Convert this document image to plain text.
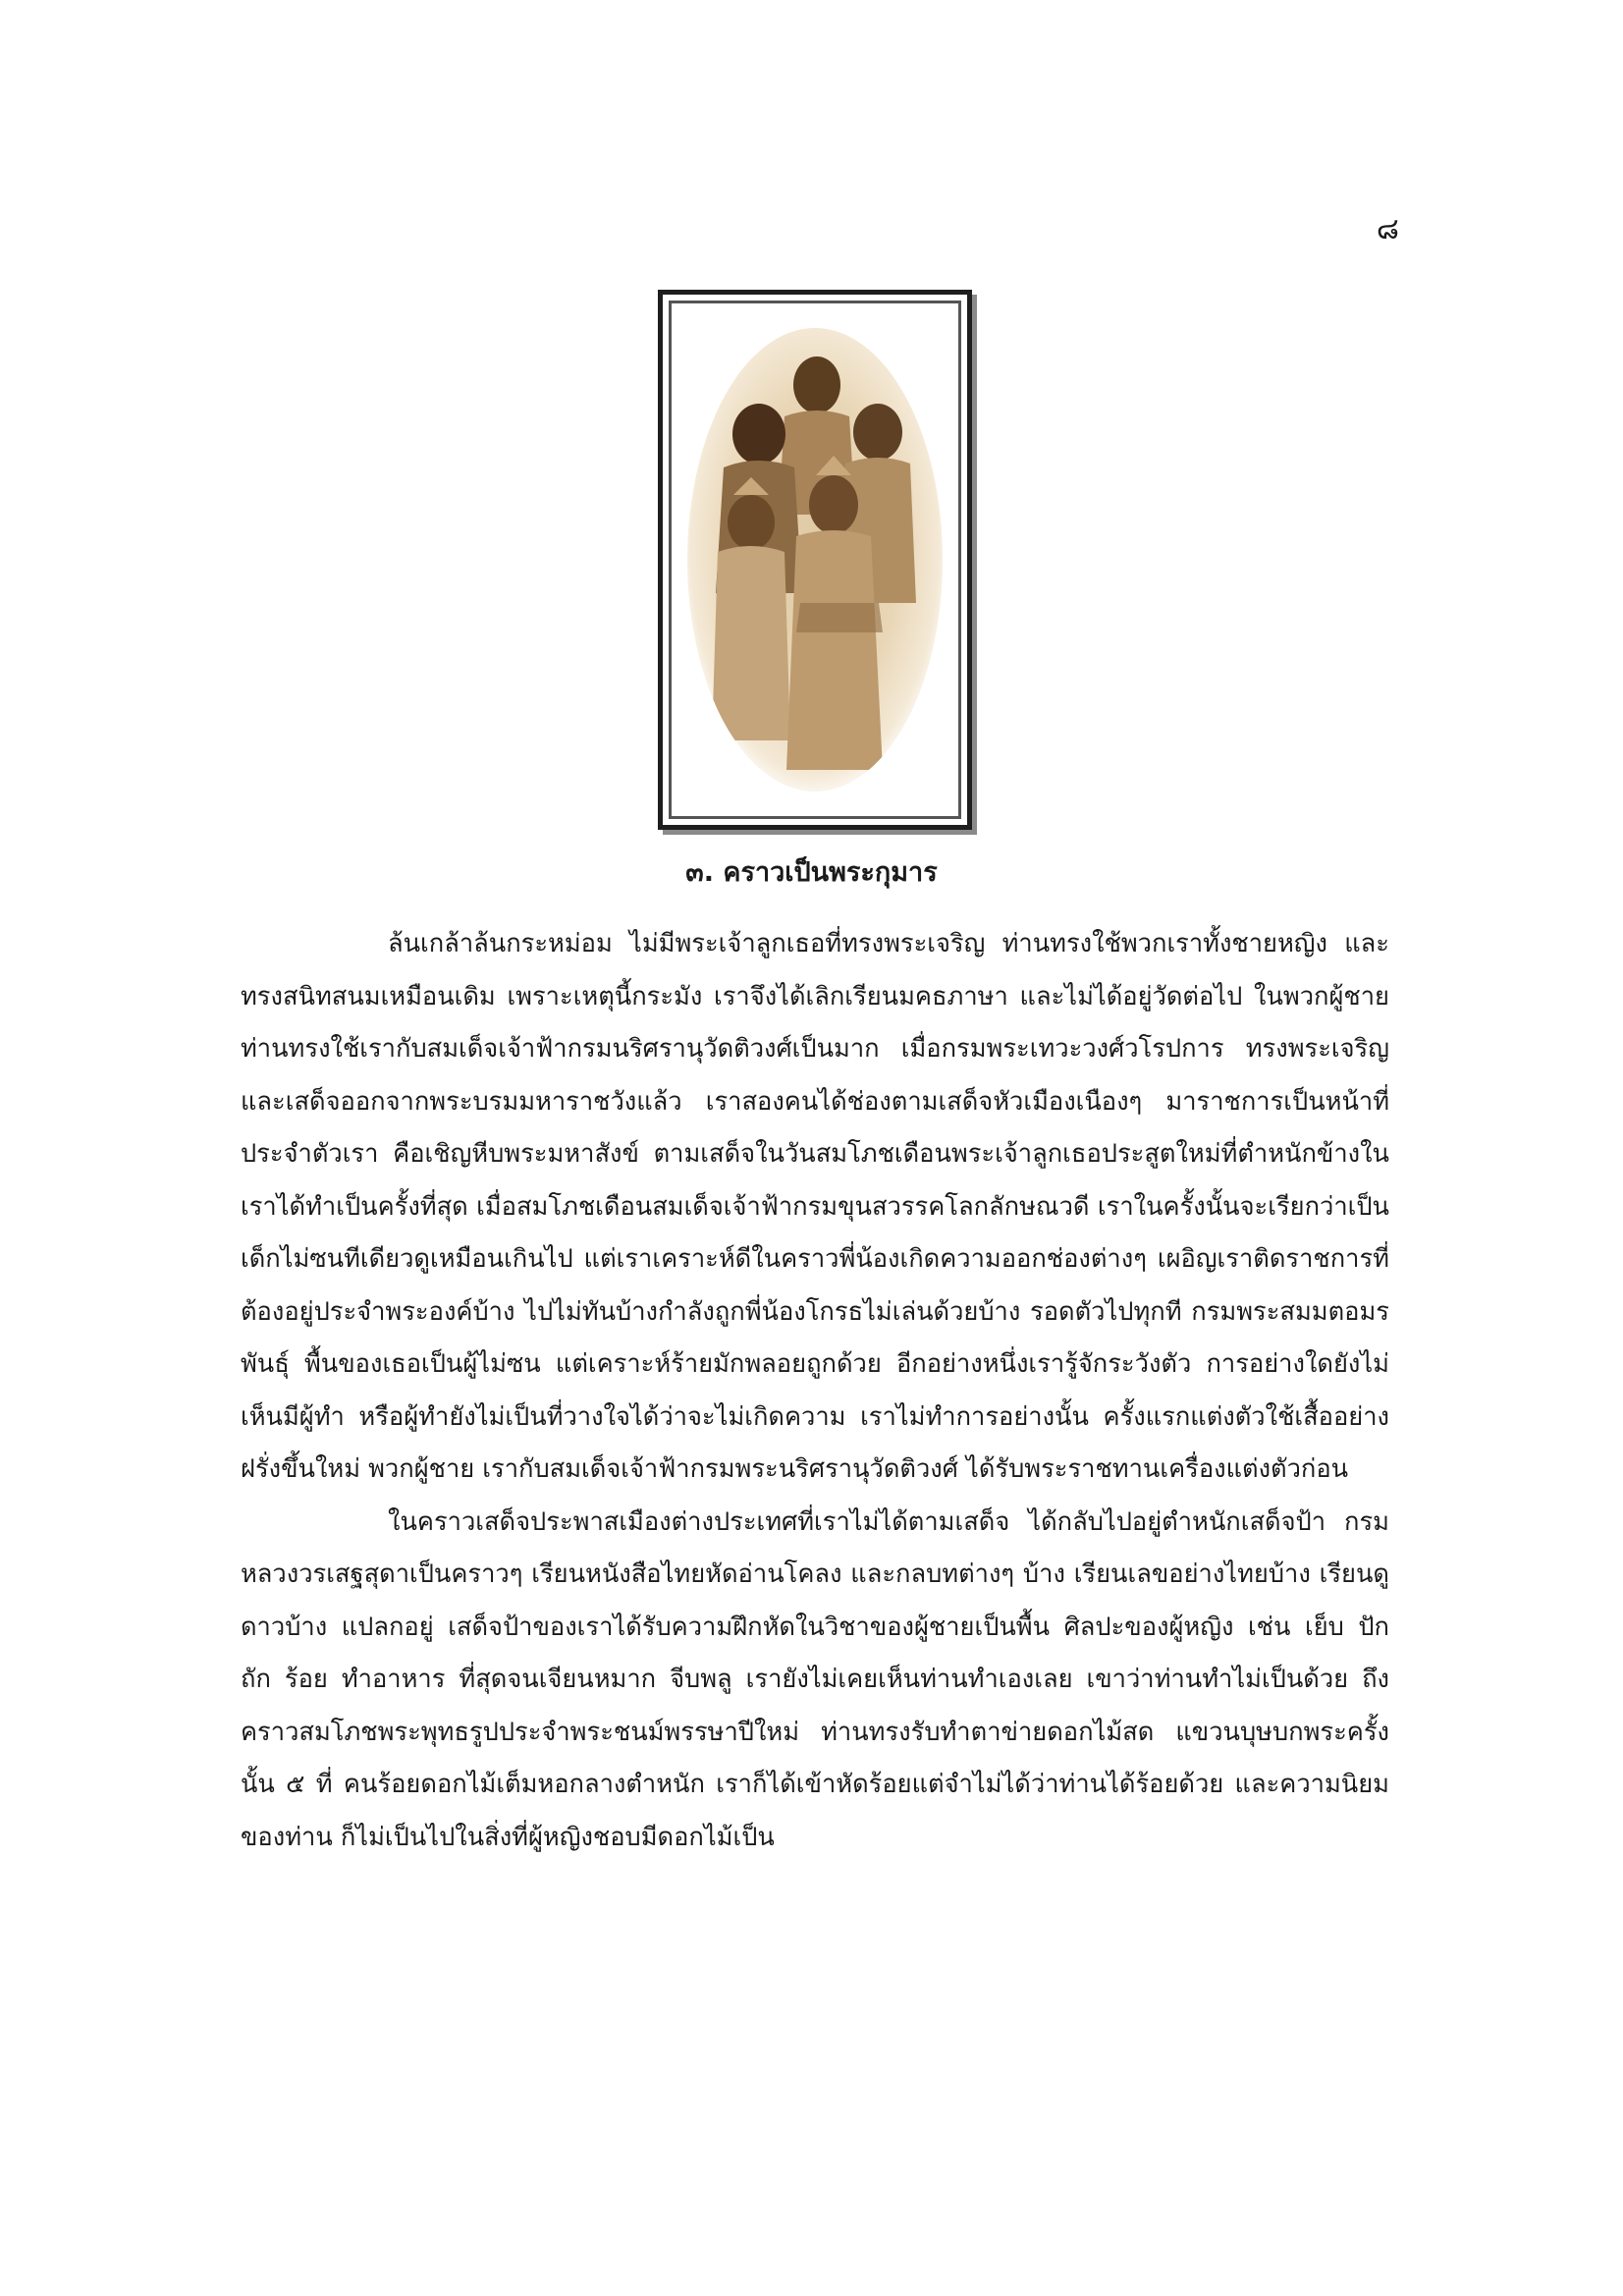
๘
๓. คราวเป็นพระกุมาร

ล้นเกล้าล้นกระหม่อม ไม่มีพระเจ้าลูกเธอที่ทรงพระเจริญ ท่านทรงใช้พวกเราทั้งชายหญิง และทรงสนิทสนมเหมือนเดิม เพราะเหตุนี้กระมัง เราจึงได้เลิกเรียนมคธภาษา และไม่ได้อยู่วัดต่อไป ในพวกผู้ชาย ท่านทรงใช้เรากับสมเด็จเจ้าฟ้ากรมนริศรานุวัดติวงศ์เป็นมาก เมื่อกรมพระเทวะวงศ์วโรปการ ทรงพระเจริญและเสด็จออกจากพระบรมมหาราชวังแล้ว เราสองคนได้ช่องตามเสด็จหัวเมืองเนืองๆ มาราชการเป็นหน้าที่ประจำตัวเรา คือเชิญหีบพระมหาสังข์ ตามเสด็จในวันสมโภชเดือนพระเจ้าลูกเธอประสูตใหม่ที่ตำหนักข้างใน เราได้ทำเป็นครั้งที่สุด เมื่อสมโภชเดือนสมเด็จเจ้าฟ้ากรมขุนสวรรคโลกลักษณวดี เราในครั้งนั้นจะเรียกว่าเป็นเด็กไม่ซนทีเดียวดูเหมือนเกินไป แต่เราเคราะห์ดีในคราวพี่น้องเกิดความออกช่องต่างๆ เผอิญเราติดราชการที่ต้องอยู่ประจำพระองค์บ้าง ไปไม่ทันบ้างกำลังถูกพี่น้องโกรธไม่เล่นด้วยบ้าง รอดตัวไปทุกที กรมพระสมมตอมรพันธุ์ พื้นของเธอเป็นผู้ไม่ซน แต่เคราะห์ร้ายมักพลอยถูกด้วย อีกอย่างหนึ่งเรารู้จักระวังตัว การอย่างใดยังไม่เห็นมีผู้ทำ หรือผู้ทำยังไม่เป็นที่วางใจได้ว่าจะไม่เกิดความ เราไม่ทำการอย่างนั้น ครั้งแรกแต่งตัวใช้เสื้ออย่างฝรั่งขึ้นใหม่ พวกผู้ชาย เรากับสมเด็จเจ้าฟ้ากรมพระนริศรานุวัดติวงศ์ ได้รับพระราชทานเครื่องแต่งตัวก่อน

ในคราวเสด็จประพาสเมืองต่างประเทศที่เราไม่ได้ตามเสด็จ ได้กลับไปอยู่ตำหนักเสด็จป้า กรมหลวงวรเสฐสุดาเป็นคราวๆ เรียนหนังสือไทยหัดอ่านโคลง และกลบทต่างๆ บ้าง เรียนเลขอย่างไทยบ้าง เรียนดูดาวบ้าง แปลกอยู่ เสด็จป้าของเราได้รับความฝึกหัดในวิชาของผู้ชายเป็นพื้น ศิลปะของผู้หญิง เช่น เย็บ ปัก ถัก ร้อย ทำอาหาร ที่สุดจนเจียนหมาก จีบพลู เรายังไม่เคยเห็นท่านทำเองเลย เขาว่าท่านทำไม่เป็นด้วย ถึงคราวสมโภชพระพุทธรูปประจำพระชนม์พรรษาปีใหม่ ท่านทรงรับทำตาข่ายดอกไม้สด แขวนบุษบกพระครั้งนั้น ๕ ที่ คนร้อยดอกไม้เต็มหอกลางตำหนัก เราก็ได้เข้าหัดร้อยแต่จำไม่ได้ว่าท่านได้ร้อยด้วย และความนิยมของท่าน ก็ไม่เป็นไปในสิ่งที่ผู้หญิงชอบมีดอกไม้เป็น
